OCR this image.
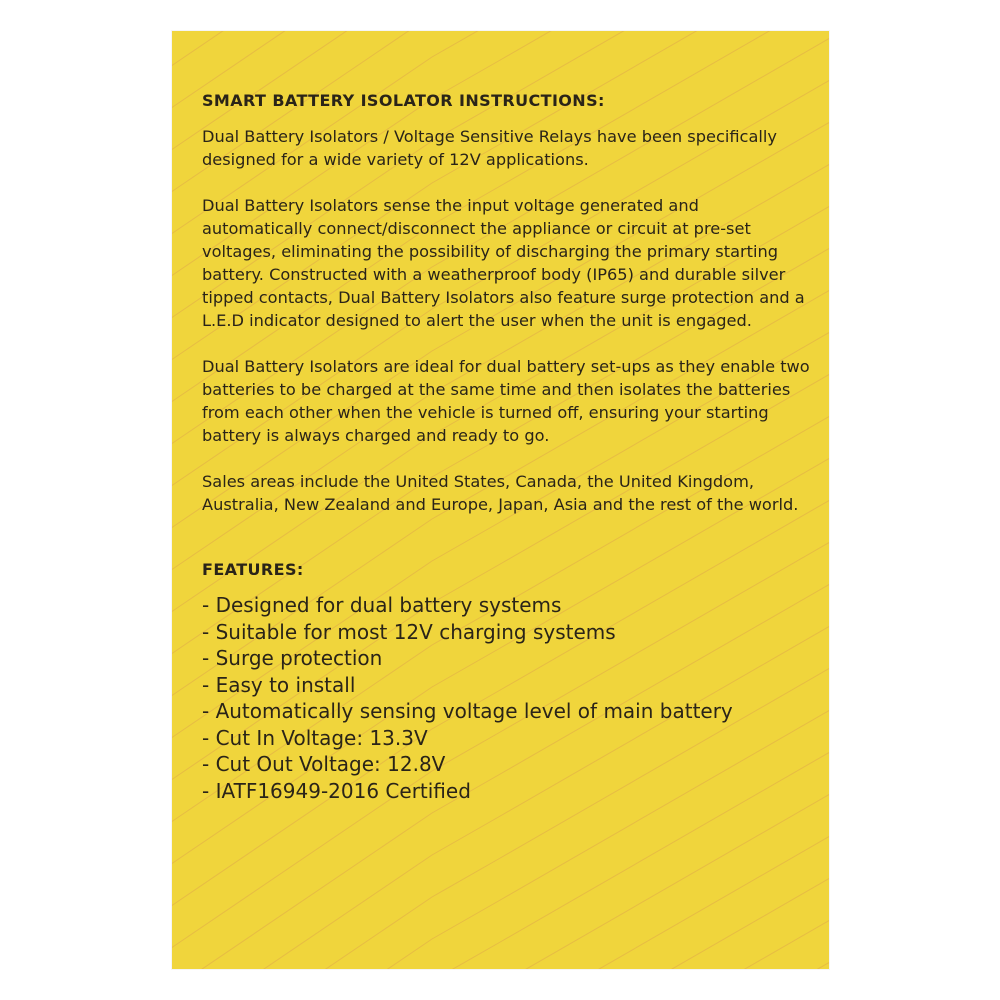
SMART BATTERY ISOLATOR INSTRUCTIONS:

Dual Battery Isolators / Voltage Sensitive Relays have been specifically designed for a wide variety of 12V applications.

Dual Battery Isolators sense the input voltage generated and automatically connect/disconnect the appliance or circuit at pre-set voltages, eliminating the possibility of discharging the primary starting battery. Constructed with a weatherproof body (IP65) and durable silver tipped contacts, Dual Battery Isolators also feature surge protection and a L.E.D indicator designed to alert the user when the unit is engaged.

Dual Battery Isolators are ideal for dual battery set-ups as they enable two batteries to be charged at the same time and then isolates the batteries from each other when the vehicle is turned off, ensuring your starting battery is always charged and ready to go.

Sales areas include the United States, Canada, the United Kingdom, Australia, New Zealand and Europe, Japan, Asia and the rest of the world.

FEATURES:
- Designed for dual battery systems
- Suitable for most 12V charging systems
- Surge protection
- Easy to install
- Automatically sensing voltage level of main battery
- Cut In Voltage: 13.3V
- Cut Out Voltage: 12.8V
- IATF16949-2016 Certified
